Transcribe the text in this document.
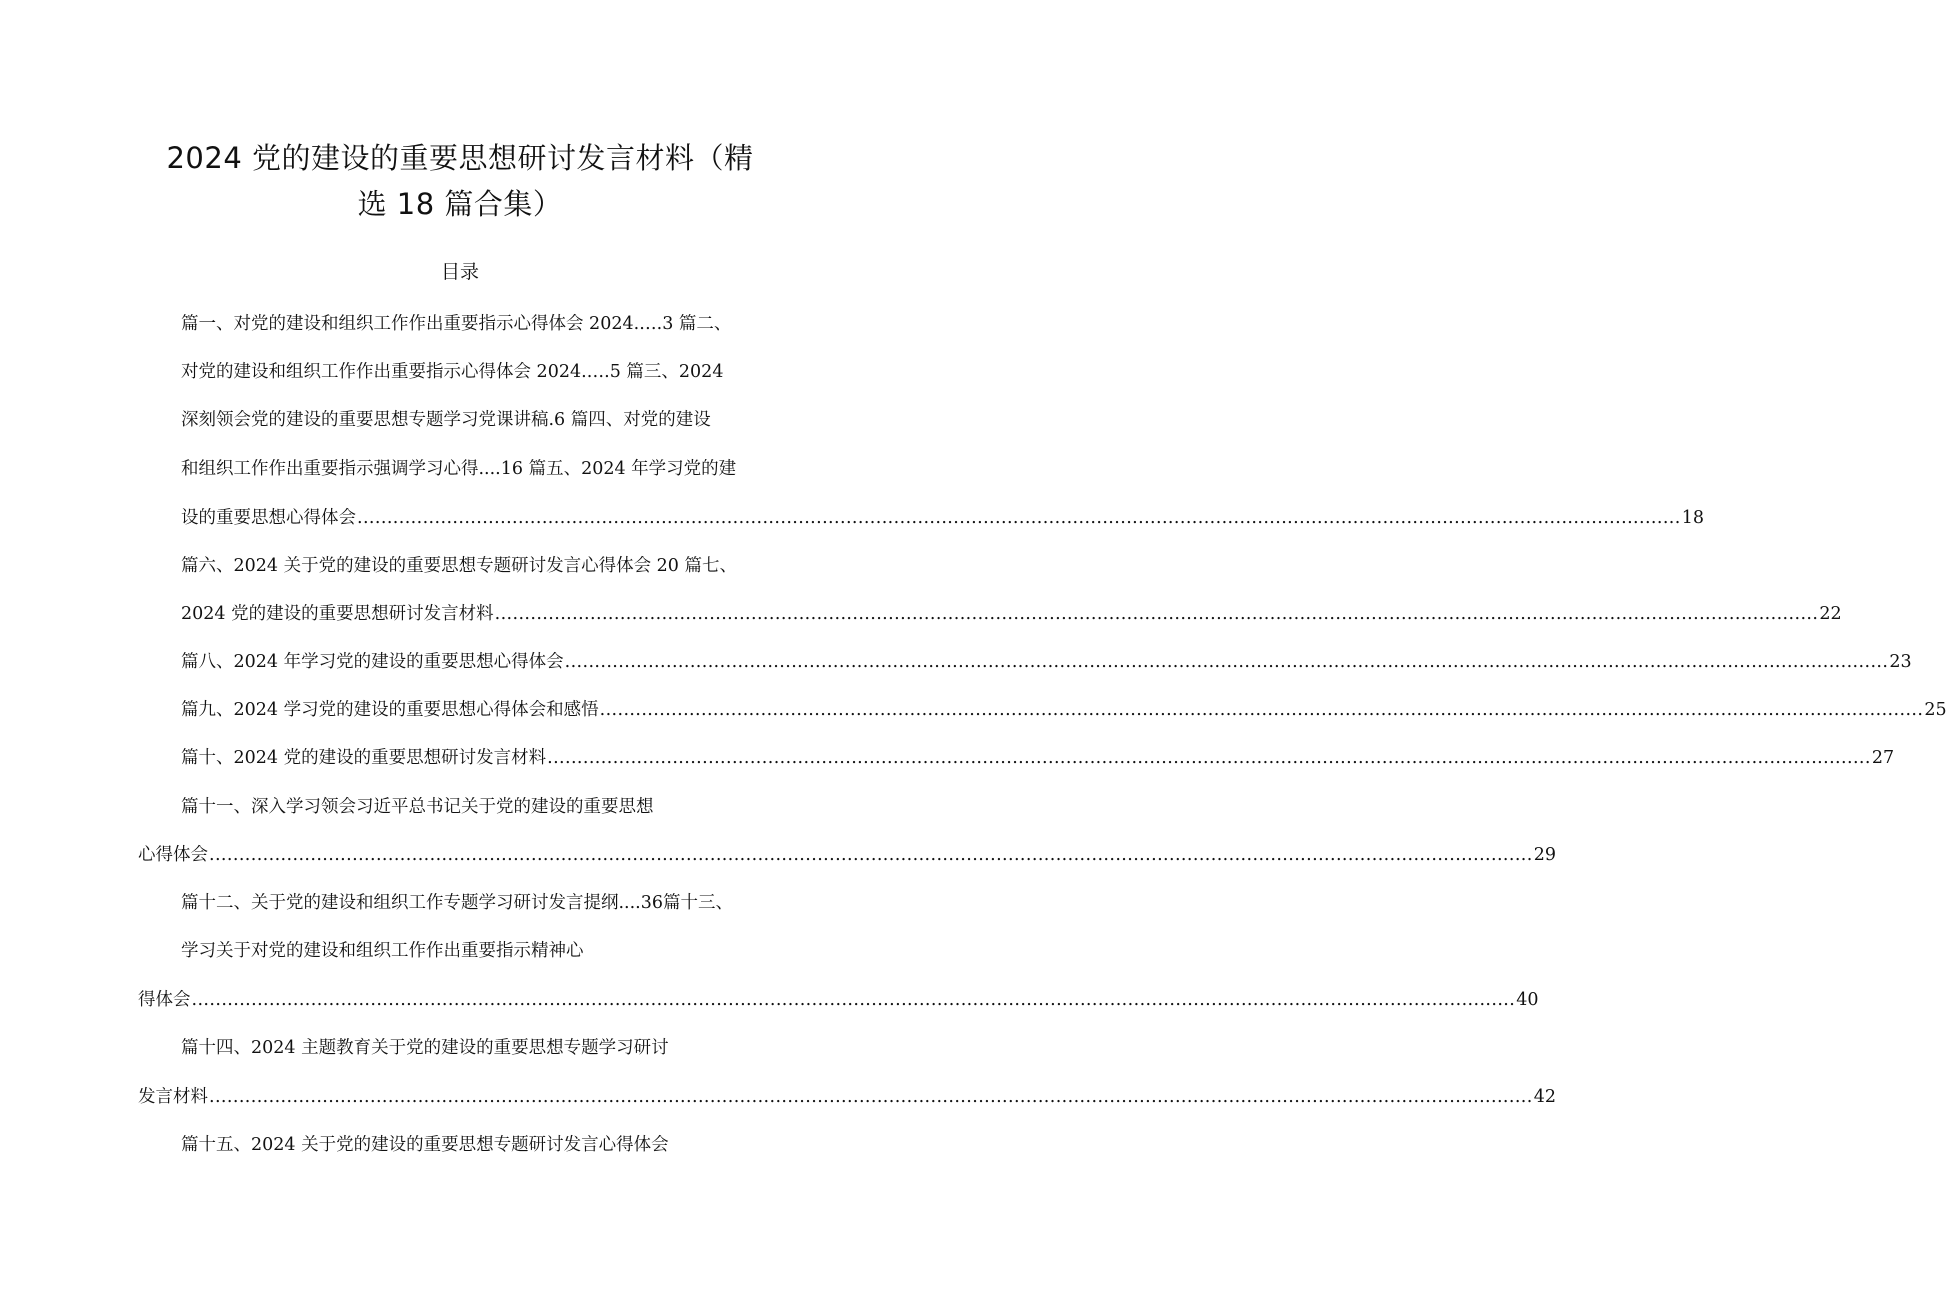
2024 党的建设的重要思想研讨发言材料（精
选 18 篇合集）
目录
篇一、对党的建设和组织工作作出重要指示心得体会 2024.….3 篇二、
对党的建设和组织工作作出重要指示心得体会 2024.….5 篇三、2024
深刻领会党的建设的重要思想专题学习党课讲稿.6 篇四、对党的建设
和组织工作作出重要指示强调学习心得....16 篇五、2024 年学习党的建
设的重要思想心得体会 .............................................................................................................................................................................................................................. 18
篇六、2024 关于党的建设的重要思想专题研讨发言心得体会 20 篇七、
2024 党的建设的重要思想研讨发言材料 .............................................................................................................................................................................................................................. 22
篇八、2024 年学习党的建设的重要思想心得体会 .............................................................................................................................................................................................................................. 23
篇九、2024 学习党的建设的重要思想心得体会和感悟 .............................................................................................................................................................................................................................. 25
篇十、2024 党的建设的重要思想研讨发言材料 .............................................................................................................................................................................................................................. 27
篇十一、深入学习领会习近平总书记关于党的建设的重要思想
心得体会 .............................................................................................................................................................................................................................. 29
篇十二、关于党的建设和组织工作专题学习研讨发言提纲....36篇十三、
学习关于对党的建设和组织工作作出重要指示精神心
得体会 .............................................................................................................................................................................................................................. 40
篇十四、2024 主题教育关于党的建设的重要思想专题学习研讨
发言材料 .............................................................................................................................................................................................................................. 42
篇十五、2024 关于党的建设的重要思想专题研讨发言心得体会
